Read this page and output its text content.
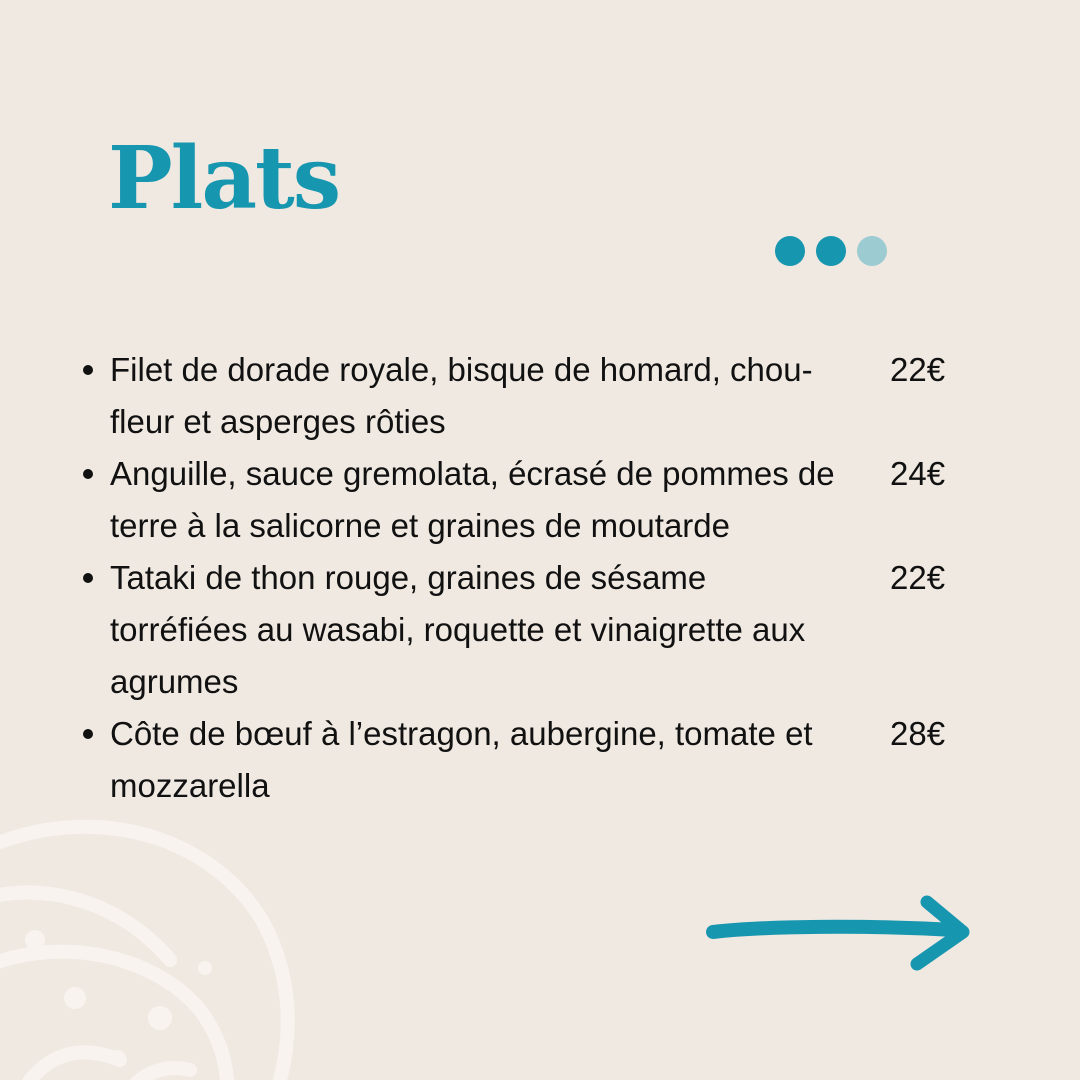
Plats
Filet de dorade royale, bisque de homard, chou-fleur et asperges rôties
22€
Anguille, sauce gremolata, écrasé de pommes de terre à la salicorne et graines de moutarde
24€
Tataki de thon rouge, graines de sésame torréfiées au wasabi, roquette et vinaigrette aux agrumes
22€
Côte de bœuf à l’estragon, aubergine, tomate et mozzarella
28€
